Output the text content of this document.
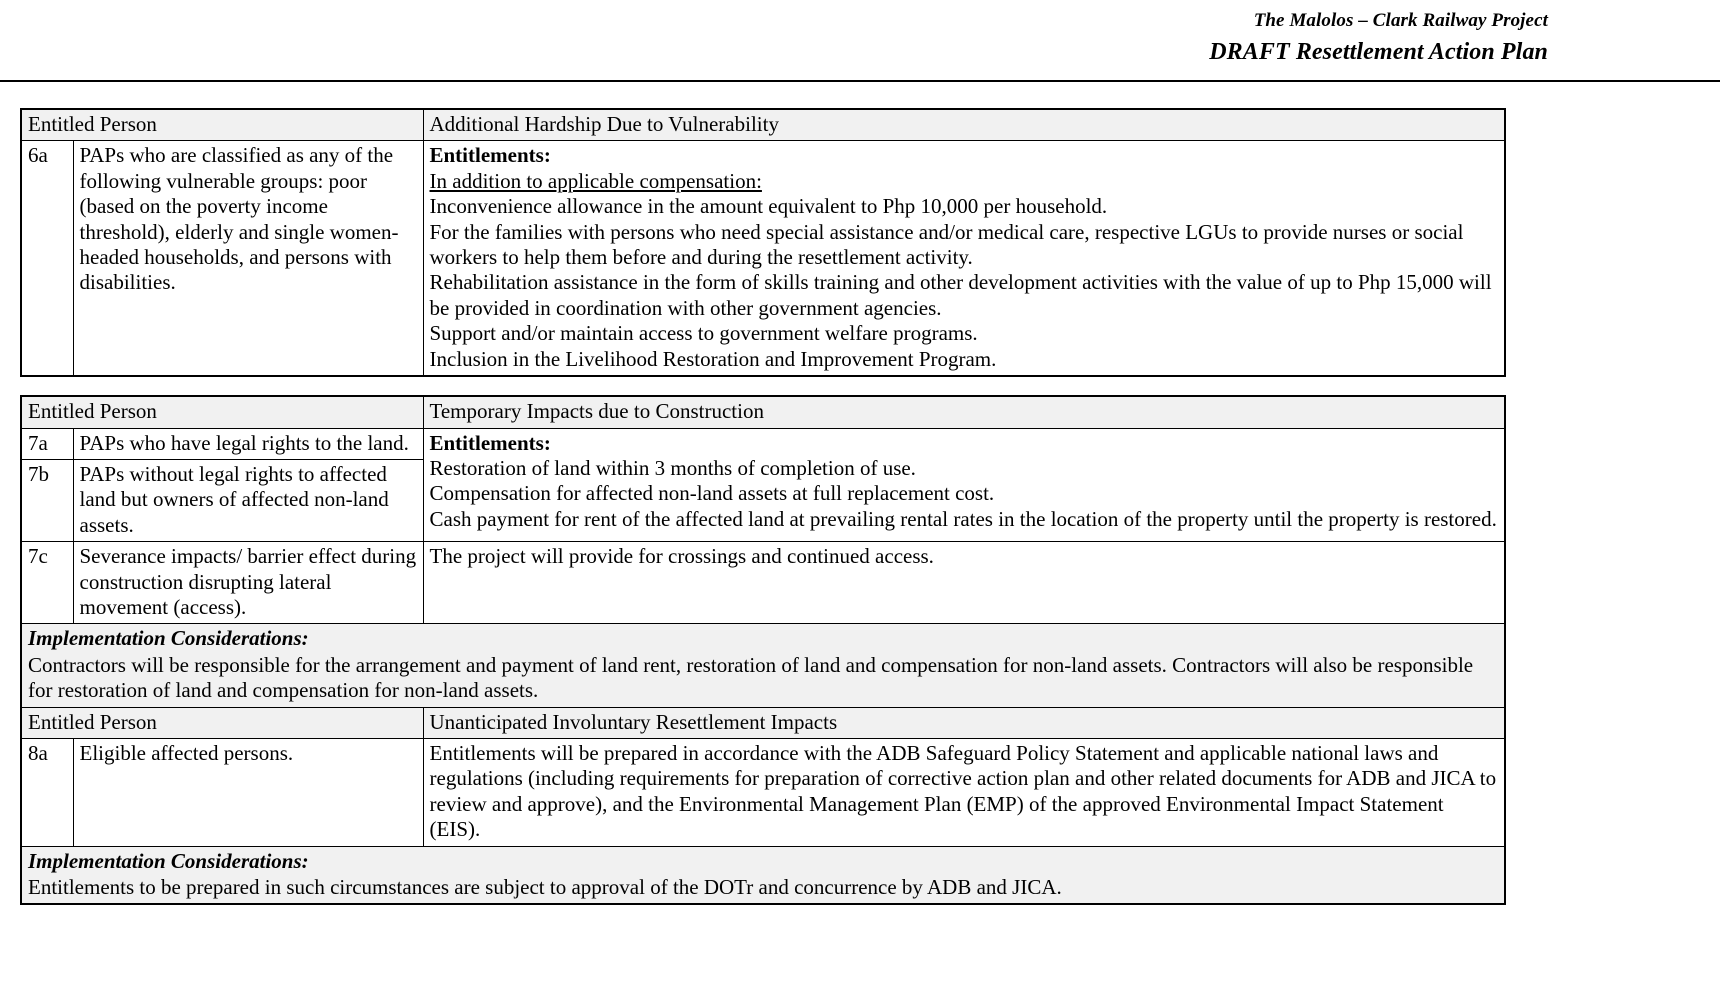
The Malolos – Clark Railway Project
DRAFT Resettlement Action Plan
Entitled Person		Additional Hardship Due to Vulnerability
6a	PAPs who are classified as any of the following vulnerable groups: poor (based on the poverty income threshold), elderly and single women-headed households, and persons with disabilities.	

Entitlements:

In addition to applicable compensation:

Inconvenience allowance in the amount equivalent to Php 10,000 per household.

For the families with persons who need special assistance and/or medical care, respective LGUs to provide nurses or social workers to help them before and during the resettlement activity.

Rehabilitation assistance in the form of skills training and other development activities with the value of up to Php 15,000 will be provided in coordination with other government agencies.

Support and/or maintain access to government welfare programs.

Inclusion in the Livelihood Restoration and Improvement Program.

Entitled Person		Temporary Impacts due to Construction
7a	PAPs who have legal rights to the land.	Entitlements:

Restoration of land within 3 months of completion of use.

Compensation for affected non-land assets at full replacement cost.

Cash payment for rent of the affected land at prevailing rental rates in the location of the property until the property is restored.

7b	PAPs without legal rights to affected land but owners of affected non-land assets.	
7c	Severance impacts/ barrier effect during construction disrupting lateral movement (access).	The project will provide for crossings and continued access.

Implementation Considerations:

Contractors will be responsible for the arrangement and payment of land rent, restoration of land and compensation for non-land assets. Contractors will also be responsible for restoration of land and compensation for non-land assets.		

Entitled Person		Unanticipated Involuntary Resettlement Impacts
8a	Eligible affected persons.	Entitlements will be prepared in accordance with the ADB Safeguard Policy Statement and applicable national laws and regulations (including requirements for preparation of corrective action plan and other related documents for ADB and JICA to review and approve), and the Environmental Management Plan (EMP) of the approved Environmental Impact Statement (EIS).

Implementation Considerations:

Entitlements to be prepared in such circumstances are subject to approval of the DOTr and concurrence by ADB and JICA.		
